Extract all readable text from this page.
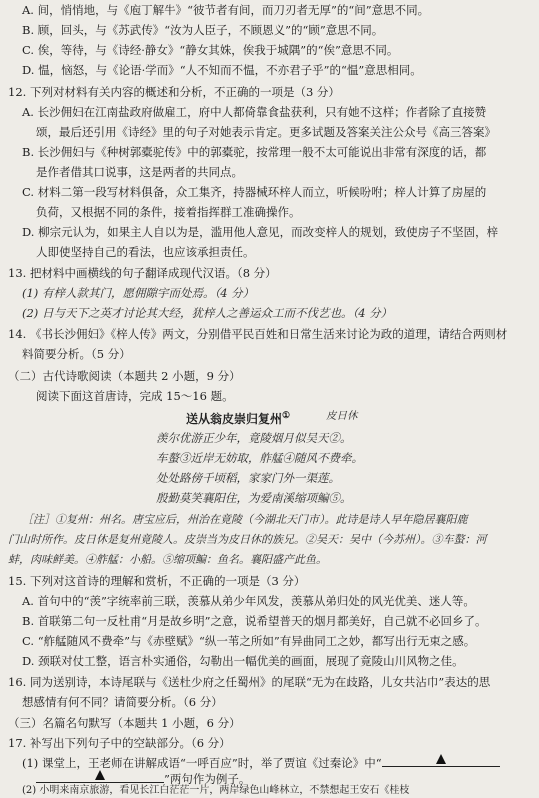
A. 间，悄悄地，与《庖丁解牛》“彼节者有间，而刀刃者无厚”的“间”意思不同。
B. 顾，回头，与《苏武传》“汝为人臣子，不顾恩义”的“顾”意思不同。
C. 俟，等待，与《诗经·静女》“静女其姝，俟我于城隅”的“俟”意思不同。
D. 愠，恼怒，与《论语·学而》“人不知而不愠，不亦君子乎”的“愠”意思相同。
12. 下列对材料有关内容的概述和分析，不正确的一项是（3 分）
A. 长沙佣妇在江南盐政府做雇工，府中人都倚靠食盐获利，只有她不这样；作者除了直接赞
颂，最后还引用《诗经》里的句子对她表示肯定。更多试题及答案关注公众号《高三答案》
B. 长沙佣妇与《种树郭橐驼传》中的郭橐驼，按常理一般不太可能说出非常有深度的话，都
是作者借其口说事，这是两者的共同点。
C. 材料二第一段写材料俱备，众工集齐，持器械环梓人而立，听候吩咐；梓人计算了房屋的
负荷，又根据不同的条件，接着指挥群工准确操作。
D. 柳宗元认为，如果主人自以为是，滥用他人意见，而改变梓人的规划，致使房子不坚固，梓
人即使坚持自己的看法，也应该承担责任。
13. 把材料中画横线的句子翻译成现代汉语。（8 分）
(1) 有梓人款其门，愿佣隙宇而处焉。（4 分）
(2) 日与天下之英才讨论其大经，犹梓人之善运众工而不伐艺也。（4 分）
14. 《书长沙佣妇》《梓人传》两文，分别借平民百姓和日常生活来讨论为政的道理，请结合两则材
料简要分析。（5 分）
（二）古代诗歌阅读（本题共 2 小题，9 分）
阅读下面这首唐诗，完成 15～16 题。
送从翁皮崇归复州①	皮日休
羡尔优游正少年，竟陵烟月似吴天②。
车螯③近岸无妨取，舴艋④随风不费牵。
处处路傍千顷稻，家家门外一渠莲。
殷勤莫笑襄阳住，为爱南溪缩项鳊⑤。
［注］①复州：州名。唐宝应后，州治在竟陵（今湖北天门市）。此诗是诗人早年隐居襄阳鹿
门山时所作。皮日休是复州竟陵人。皮崇当为皮日休的族兄。②吴天：吴中（今苏州）。③车螯：河
蚌，肉味鲜美。④舴艋：小船。⑤缩项鳊：鱼名。襄阳盛产此鱼。
15. 下列对这首诗的理解和赏析，不正确的一项是（3 分）
A. 首句中的“羡”字统率前三联，羡慕从弟少年风发，羡慕从弟归处的风光优美、迷人等。
B. 首联第二句一反杜甫“月是故乡明”之意，说希望普天的烟月都美好，自己就不必回乡了。
C. “舴艋随风不费牵”与《赤壁赋》“纵一苇之所如”有异曲同工之妙，都写出行无束之感。
D. 颈联对仗工整，语言朴实通俗，勾勒出一幅优美的画面，展现了竟陵山川风物之佳。
16. 同为送别诗，本诗尾联与《送杜少府之任蜀州》的尾联“无为在歧路，儿女共沾巾”表达的思
想感情有何不同？请简要分析。（6 分）
（三）名篇名句默写（本题共 1 小题，6 分）
17. 补写出下列句子中的空缺部分。（6 分）
(1) 课堂上，王老师在讲解成语“一呼百应”时，举了贾谊《过秦论》中“
”两句作为例子。
(2) 小明来南京旅游，看见长江白茫茫一片，两岸绿色山峰林立，不禁想起王安石《桂枝
